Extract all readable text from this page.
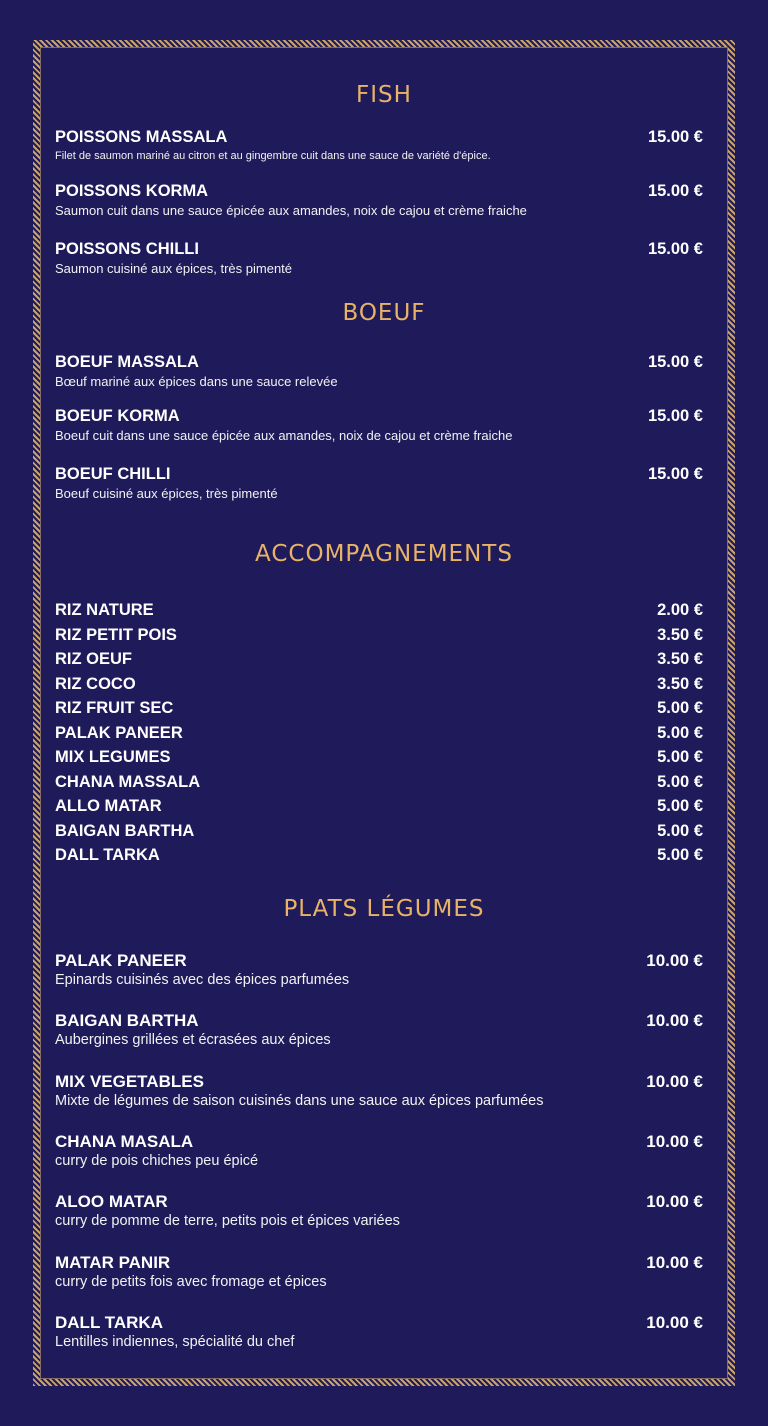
FISH
POISSONS MASSALA	15.00 €
Filet de saumon mariné au citron et au gingembre cuit dans une sauce de variété d'épice.
POISSONS KORMA	15.00 €
Saumon cuit dans une sauce épicée aux amandes, noix de cajou et crème fraiche
POISSONS CHILLI	15.00 €
Saumon cuisiné aux épices, très pimenté
BOEUF
BOEUF MASSALA	15.00 €
Bœuf mariné aux épices dans une sauce relevée
BOEUF KORMA	15.00 €
Boeuf cuit dans une sauce épicée aux amandes, noix de cajou et crème fraiche
BOEUF CHILLI	15.00 €
Boeuf cuisiné aux épices, très pimenté
ACCOMPAGNEMENTS
RIZ NATURE	2.00 €
RIZ PETIT POIS	3.50 €
RIZ OEUF	3.50 €
RIZ COCO	3.50 €
RIZ FRUIT SEC	5.00 €
PALAK PANEER	5.00 €
MIX LEGUMES	5.00 €
CHANA MASSALA	5.00 €
ALLO MATAR	5.00 €
BAIGAN BARTHA	5.00 €
DALL TARKA	5.00 €
PLATS LÉGUMES
PALAK PANEER	10.00 €
Epinards cuisinés avec des épices parfumées
BAIGAN BARTHA	10.00 €
Aubergines grillées et écrasées aux épices
MIX VEGETABLES	10.00 €
Mixte de légumes de saison cuisinés dans une sauce aux épices parfumées
CHANA MASALA	10.00 €
curry de pois chiches peu épicé
ALOO MATAR	10.00 €
curry de pomme de terre, petits pois et épices variées
MATAR PANIR	10.00 €
curry de petits fois avec fromage et épices
DALL TARKA	10.00 €
Lentilles indiennes, spécialité du chef
